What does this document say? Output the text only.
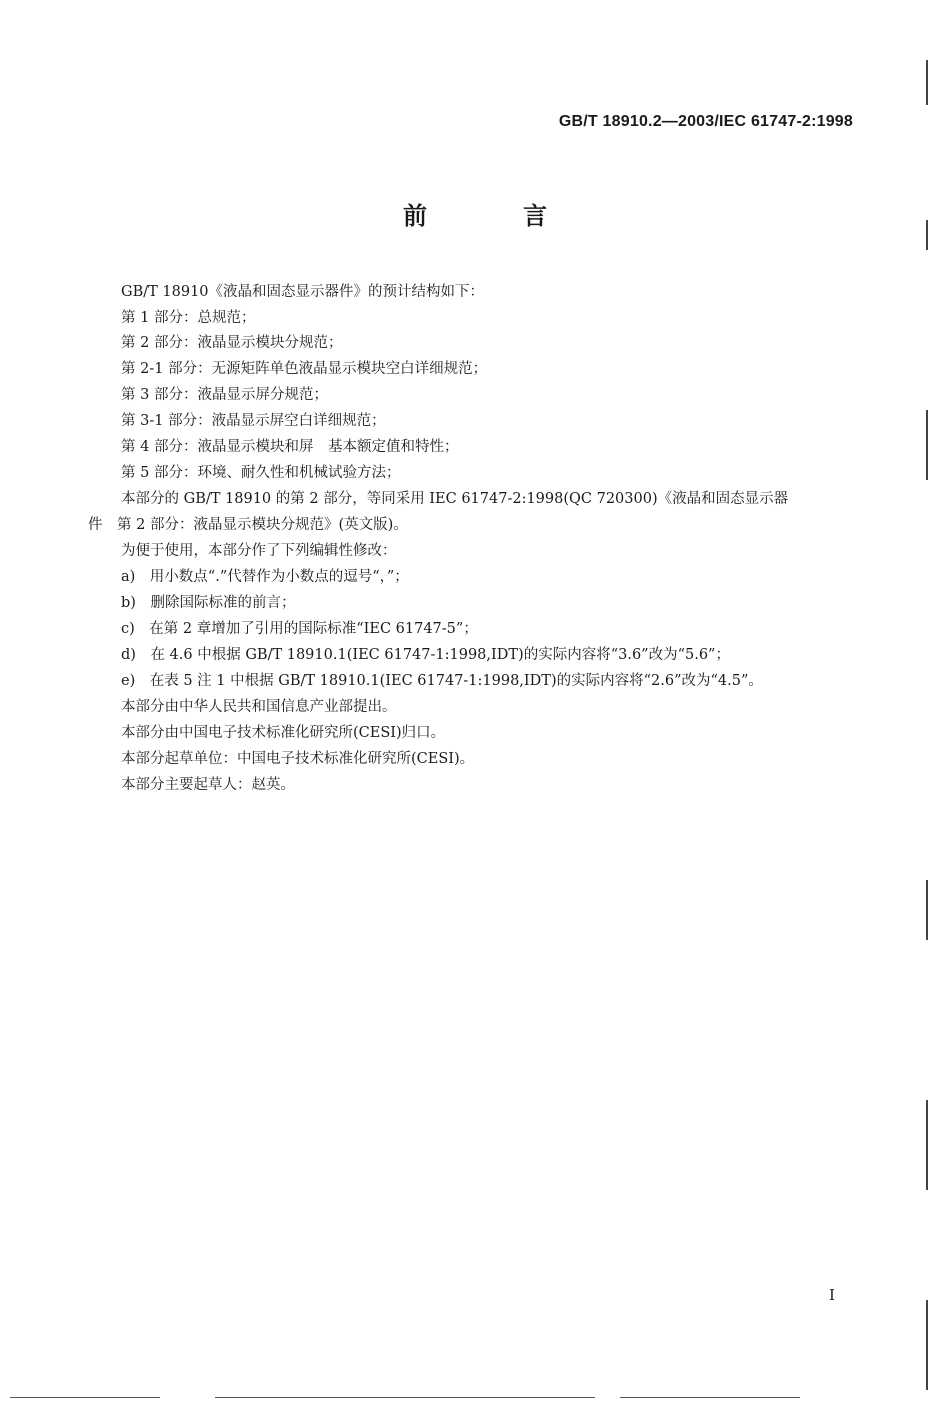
GB/T 18910.2—2003/IEC 61747-2:1998
前　言
GB/T 18910《液晶和固态显示器件》的预计结构如下：
第 1 部分：总规范；
第 2 部分：液晶显示模块分规范；
第 2-1 部分：无源矩阵单色液晶显示模块空白详细规范；
第 3 部分：液晶显示屏分规范；
第 3-1 部分：液晶显示屏空白详细规范；
第 4 部分：液晶显示模块和屏　基本额定值和特性；
第 5 部分：环境、耐久性和机械试验方法；
本部分的 GB/T 18910 的第 2 部分，等同采用 IEC 61747-2:1998(QC 720300)《液晶和固态显示器
件　第 2 部分：液晶显示模块分规范》(英文版)。
为便于使用，本部分作了下列编辑性修改：
a)　用小数点“.”代替作为小数点的逗号“，”；
b)　删除国际标准的前言；
c)　在第 2 章增加了引用的国际标准“IEC 61747-5”；
d)　在 4.6 中根据 GB/T 18910.1(IEC 61747-1:1998,IDT)的实际内容将“3.6”改为“5.6”；
e)　在表 5 注 1 中根据 GB/T 18910.1(IEC 61747-1:1998,IDT)的实际内容将“2.6”改为“4.5”。
本部分由中华人民共和国信息产业部提出。
本部分由中国电子技术标准化研究所(CESI)归口。
本部分起草单位：中国电子技术标准化研究所(CESI)。
本部分主要起草人：赵英。
I
